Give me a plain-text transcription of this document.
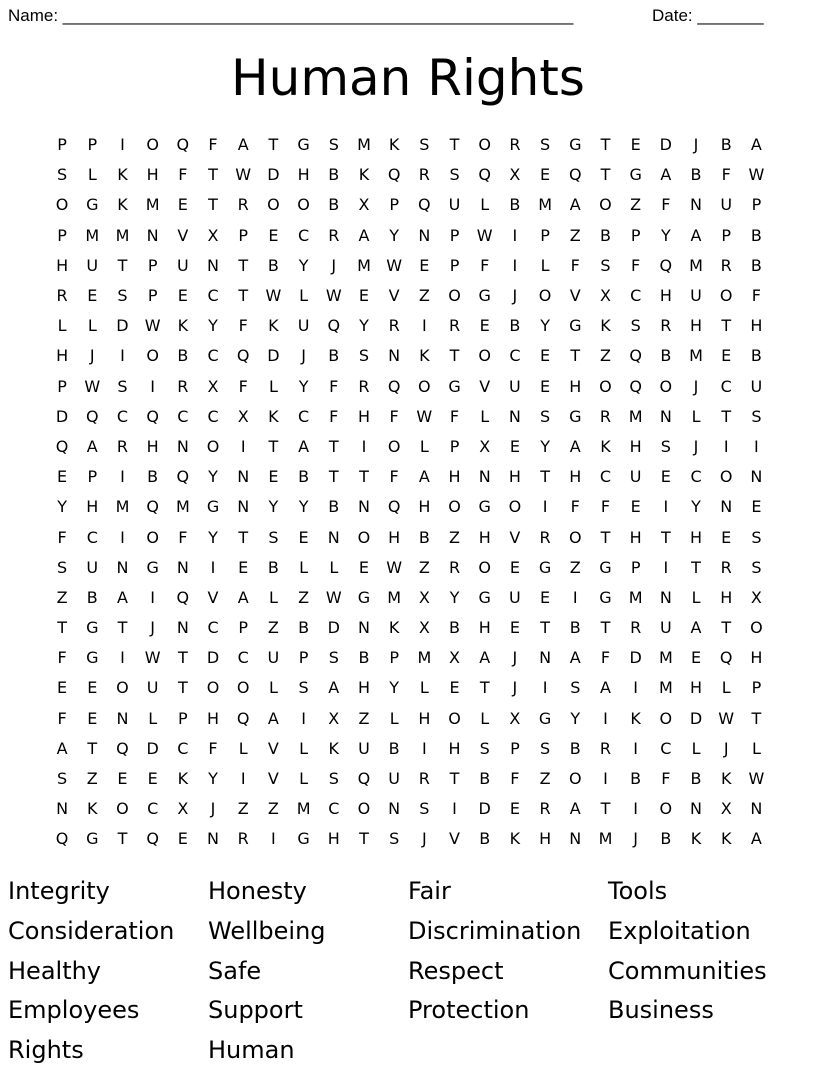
Name: ______________________________________________________	Date: _______
Human Rights
P	P	I	O	Q	F	A	T	G	S	M	K	S	T	O	R	S	G	T	E	D	J	B	A
S	L	K	H	F	T	W	D	H	B	K	Q	R	S	Q	X	E	Q	T	G	A	B	F	W
O	G	K	M	E	T	R	O	O	B	X	P	Q	U	L	B	M	A	O	Z	F	N	U	P
P	M	M	N	V	X	P	E	C	R	A	Y	N	P	W	I	P	Z	B	P	Y	A	P	B
H	U	T	P	U	N	T	B	Y	J	M W	E	P	F	I	L	F	S	F	Q	M	R	B
R	E	S	P	E	C	T	W	L	W	E	V	Z	O	G	J	O	V	X	C	H	U	O	F
L	L	D	W	K	Y	F	K	U	Q	Y	R	I	R	E	B	Y	G	K	S	R	H	T	H
H	J	I	O	B	C	Q	D	J	B	S	N	K	T	O	C	E	T	Z	Q	B	M	E	B
P	W	S	I	R	X	F	L	Y	F	R	Q	O	G	V	U	E	H	O	Q	O	J	C	U
D	Q	C	Q	C	C	X	K	C	F	H	F	W	F	L	N	S	G	R	M	N	L	T	S
Q	A	R	H	N	O	I	T	A	T	I	O	L	P	X	E	Y	A	K	H	S	J	I	I
E	P	I	B	Q	Y	N	E	B	T	T	F	A	H	N	H	T	H	C	U	E	C	O	N
Y	H	M	Q	M	G	N	Y	Y	B	N	Q	H	O	G	O	I	F	F	E	I	Y	N	E
F	C	I	O	F	Y	T	S	E	N	O	H	B	Z	H	V	R	O	T	H	T	H	E	S
S	U	N	G	N	I	E	B	L	L	E	W	Z	R	O	E	G	Z	G	P	I	T	R	S
Z	B	A	I	Q	V	A	L	Z	W	G	M	X	Y	G	U	E	I	G	M	N	L	H	X
T	G	T	J	N	C	P	Z	B	D	N	K	X	B	H	E	T	B	T	R	U	A	T	O
F	G	I	W	T	D	C	U	P	S	B	P	M	X	A	J	N	A	F	D	M	E	Q	H
E	E	O	U	T	O	O	L	S	A	H	Y	L	E	T	J	I	S	A	I	M	H	L	P
F	E	N	L	P	H	Q	A	I	X	Z	L	H	O	L	X	G	Y	I	K	O	D	W	T
A	T	Q	D	C	F	L	V	L	K	U	B	I	H	S	P	S	B	R	I	C	L	J	L
S	Z	E	E	K	Y	I	V	L	S	Q	U	R	T	B	F	Z	O	I	B	F	B	K	W
N	K	O	C	X	J	Z	Z	M	C	O	N	S	I	D	E	R	A	T	I	O	N	X	N
Q	G	T	Q	E	N	R	I	G	H	T	S	J	V	B	K	H	N	M	J	B	K	K	A
Integrity	Honesty	Fair	Tools
Consideration	Wellbeing	Discrimination	Exploitation
Healthy	Safe	Respect	Communities
Employees	Support	Protection	Business
Rights	Human
